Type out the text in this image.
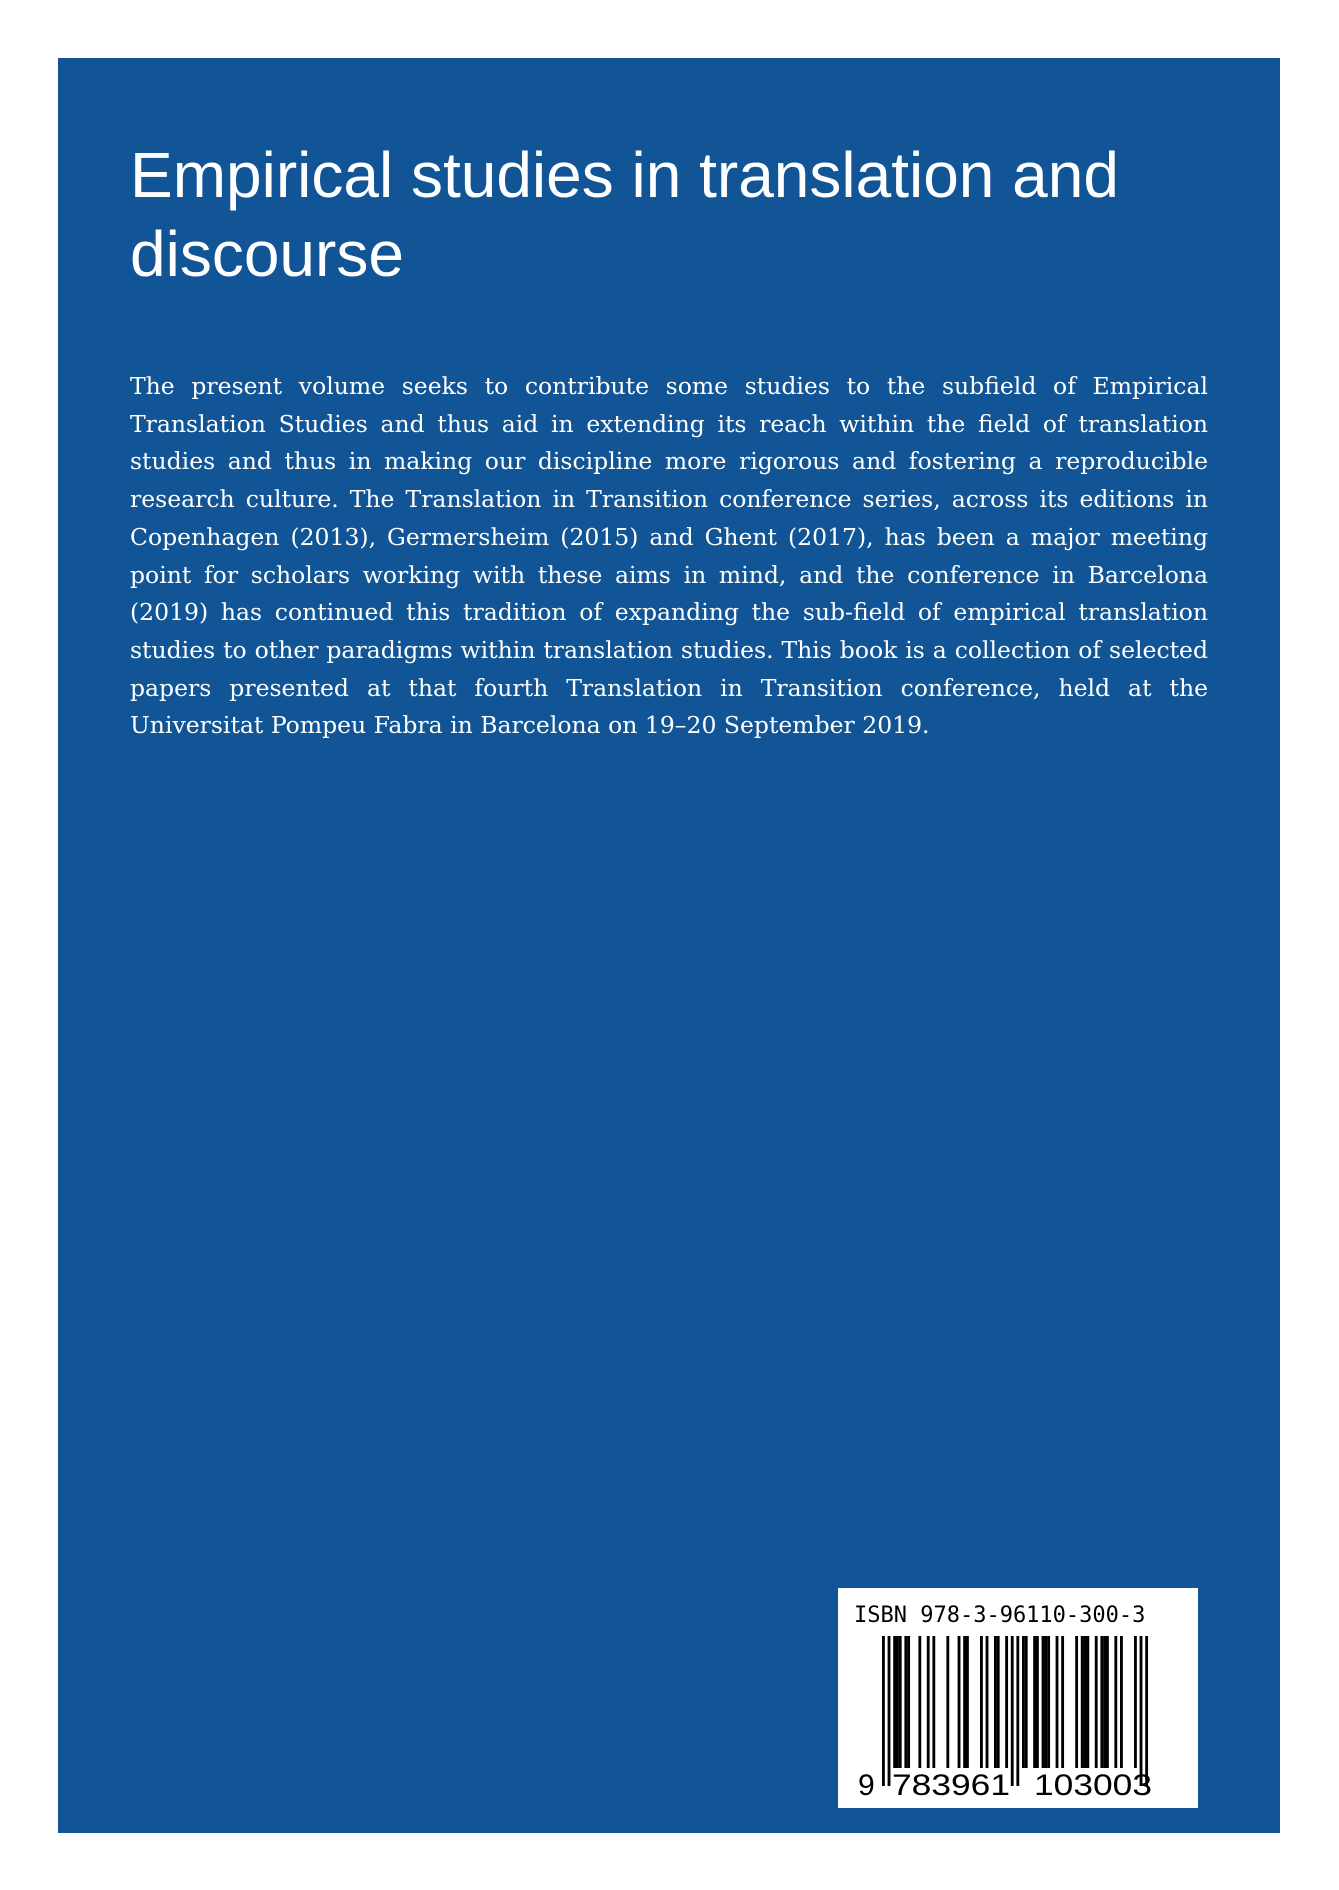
Empirical studies in translation and discourse

The present volume seeks to contribute some studies to the subfield of Empirical Translation Studies and thus aid in extending its reach within the field of translation studies and thus in making our discipline more rigorous and fostering a reproducible research culture. The Translation in Transition conference series, across its editions in Copenhagen (2013), Germersheim (2015) and Ghent (2017), has been a major meeting point for scholars working with these aims in mind, and the conference in Barcelona (2019) has continued this tradition of expanding the sub-field of empirical translation studies to other paradigms within translation studies. This book is a collection of selected papers presented at that fourth Translation in Transition conference, held at the Universitat Pompeu Fabra in Barcelona on 19–20 September 2019.

ISBN 978-3-96110-300-3
9 783961 103003
